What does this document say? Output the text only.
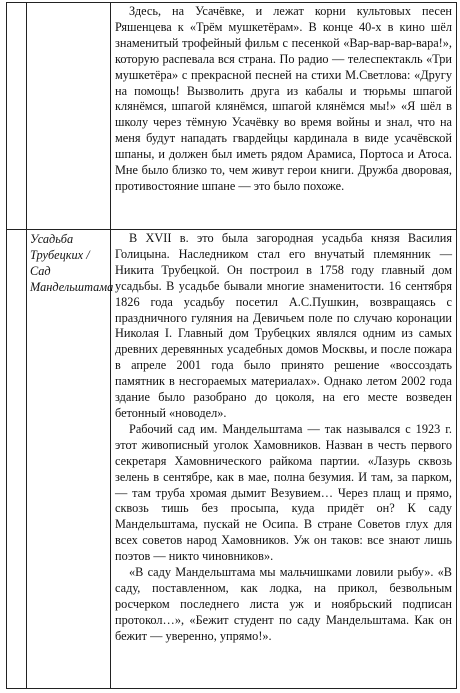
		Здесь, на Усачёвке, и лежат корни культовых песен Ряшенцева к «Трём мушкетёрам». В конце 40-х в кино шёл знаменитый трофейный фильм с песенкой «Вар-вар-вар-вара!», которую распевала вся страна. По радио — телеспектакль «Три мушкетёра» с прекрасной песней на стихи М.Светлова: «Другу на помощь! Вызволить друга из кабалы и тюрьмы шпагой клянёмся, шпагой клянёмся, шпагой клянёмся мы!» «Я шёл в школу через тёмную Усачёвку во время войны и знал, что на меня будут нападать гвардейцы кардинала в виде усачёвской шпаны, и должен был иметь рядом Арамиса, Портоса и Атоса. Мне было близко то, чем живут герои книги. Дружба дворовая, противостояние шпане — это было похоже.

	Усадьба Трубецких / Сад Мандельштама	В XVII в. это была загородная усадьба князя Василия Голицына. Наследником стал его внучатый племянник — Никита Трубецкой. Он построил в 1758 году главный дом усадьбы. В усадьбе бывали многие знаменитости. 16 сентября 1826 года усадьбу посетил А.С.Пушкин, возвращаясь с праздничного гуляния на Девичьем поле по случаю коронации Николая I. Главный дом Трубецких являлся одним из самых древних деревянных усадебных домов Москвы, и после пожара в апреле 2001 года было принято решение «воссоздать памятник в несгораемых материалах». Однако летом 2002 года здание было разобрано до цоколя, на его месте возведен бетонный «новодел».

Рабочий сад им. Мандельштама — так назывался с 1923 г. этот живописный уголок Хамовников. Назван в честь первого секретаря Хамовнического райкома партии. «Лазурь сквозь зелень в сентябре, как в мае, полна безумия. И там, за парком, — там труба хромая дымит Везувием… Через плащ и прямо, сквозь тишь без просыпа, куда придёт он? К саду Мандельштама, пускай не Осипа. В стране Советов глух для всех советов народ Хамовников. Уж он таков: все знают лишь поэтов — никто чиновников».

«В саду Мандельштама мы мальчишками ловили рыбу». «В саду, поставленном, как лодка, на прикол, безвольным росчерком последнего листа уж и ноябрьский подписан протокол…», «Бежит студент по саду Мандельштама. Как он бежит — уверенно, упрямо!».
